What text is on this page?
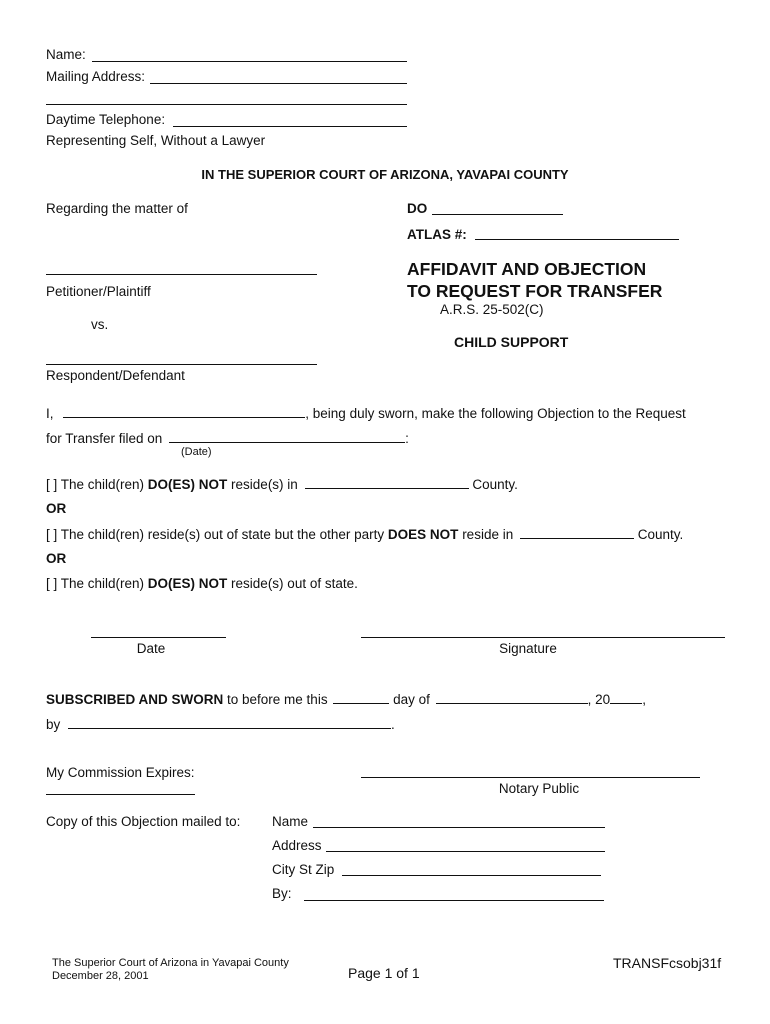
Name:
Mailing Address:
Daytime Telephone:
Representing Self, Without a Lawyer
IN THE SUPERIOR COURT OF ARIZONA, YAVAPAI COUNTY
Regarding the matter of
Petitioner/Plaintiff
vs.
Respondent/Defendant
DO
ATLAS #:
AFFIDAVIT AND OBJECTION
TO REQUEST FOR TRANSFER
A.R.S. 25-502(C)
CHILD SUPPORT
I,	, being duly sworn, make the following Objection to the Request
for Transfer filed on	:
(Date)
[ ] The child(ren) DO(ES) NOT reside(s) in	County.
OR
[ ] The child(ren) reside(s) out of state but the other party DOES NOT reside in	County.
OR
[ ] The child(ren) DO(ES) NOT reside(s) out of state.
Date	Signature
SUBSCRIBED AND SWORN to before me this	day of	, 20 ,
by	.
My Commission Expires:
Notary Public
Copy of this Objection mailed to: Name
Address
City St Zip
By:
The Superior Court of Arizona in Yavapai County
December 28, 2001	Page 1 of 1
TRANSFcsobj31f
